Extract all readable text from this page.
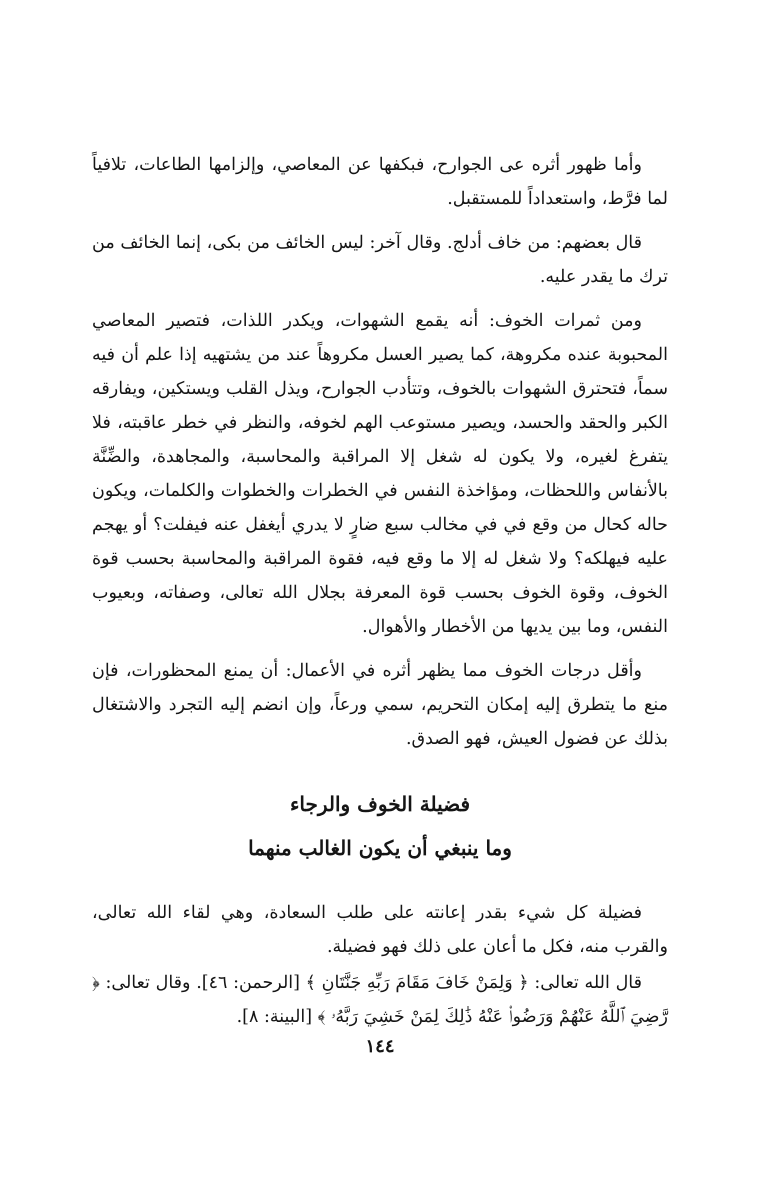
وأما ظهور أثره عى الجوارح، فبكفها عن المعاصي، وإلزامها الطاعات، تلافياً لما فرَّط، واستعداداً للمستقبل.

قال بعضهم: من خاف أدلج. وقال آخر: ليس الخائف من بكى، إنما الخائف من ترك ما يقدر عليه.

ومن ثمرات الخوف: أنه يقمع الشهوات، ويكدر اللذات، فتصير المعاصي المحبوبة عنده مكروهة، كما يصير العسل مكروهاً عند من يشتهيه إذا علم أن فيه سماً، فتحترق الشهوات بالخوف، وتتأدب الجوارح، ويذل القلب ويستكين، ويفارقه الكبر والحقد والحسد، ويصير مستوعب الهم لخوفه، والنظر في خطر عاقبته، فلا يتفرغ لغيره، ولا يكون له شغل إلا المراقبة والمحاسبة، والمجاهدة، والضِّنَّة بالأنفاس واللحظات، ومؤاخذة النفس في الخطرات والخطوات والكلمات، ويكون حاله كحال من وقع في في مخالب سبع ضارٍ لا يدري أيغفل عنه فيفلت؟ أو يهجم عليه فيهلكه؟ ولا شغل له إلا ما وقع فيه، فقوة المراقبة والمحاسبة بحسب قوة الخوف، وقوة الخوف بحسب قوة المعرفة بجلال الله تعالى، وصفاته، وبعيوب النفس، وما بين يديها من الأخطار والأهوال.

وأقل درجات الخوف مما يظهر أثره في الأعمال: أن يمنع المحظورات، فإن منع ما يتطرق إليه إمكان التحريم، سمي ورعاً، وإن انضم إليه التجرد والاشتغال بذلك عن فضول العيش، فهو الصدق.

فضيلة الخوف والرجاء
وما ينبغي أن يكون الغالب منهما

فضيلة كل شيء بقدر إعانته على طلب السعادة، وهي لقاء الله تعالى، والقرب منه، فكل ما أعان على ذلك فهو فضيلة.

قال الله تعالى: ﴿ وَلِمَنْ خَافَ مَقَامَ رَبِّهِ جَنَّتَانِ ﴾ [الرحمن: ٤٦]. وقال تعالى: ﴿ رَّضِيَ ٱللَّهُ عَنْهُمْ وَرَضُوا۟ عَنْهُ ذَٰلِكَ لِمَنْ خَشِيَ رَبَّهُۥ ﴾ [البينة: ٨].

١٤٤
